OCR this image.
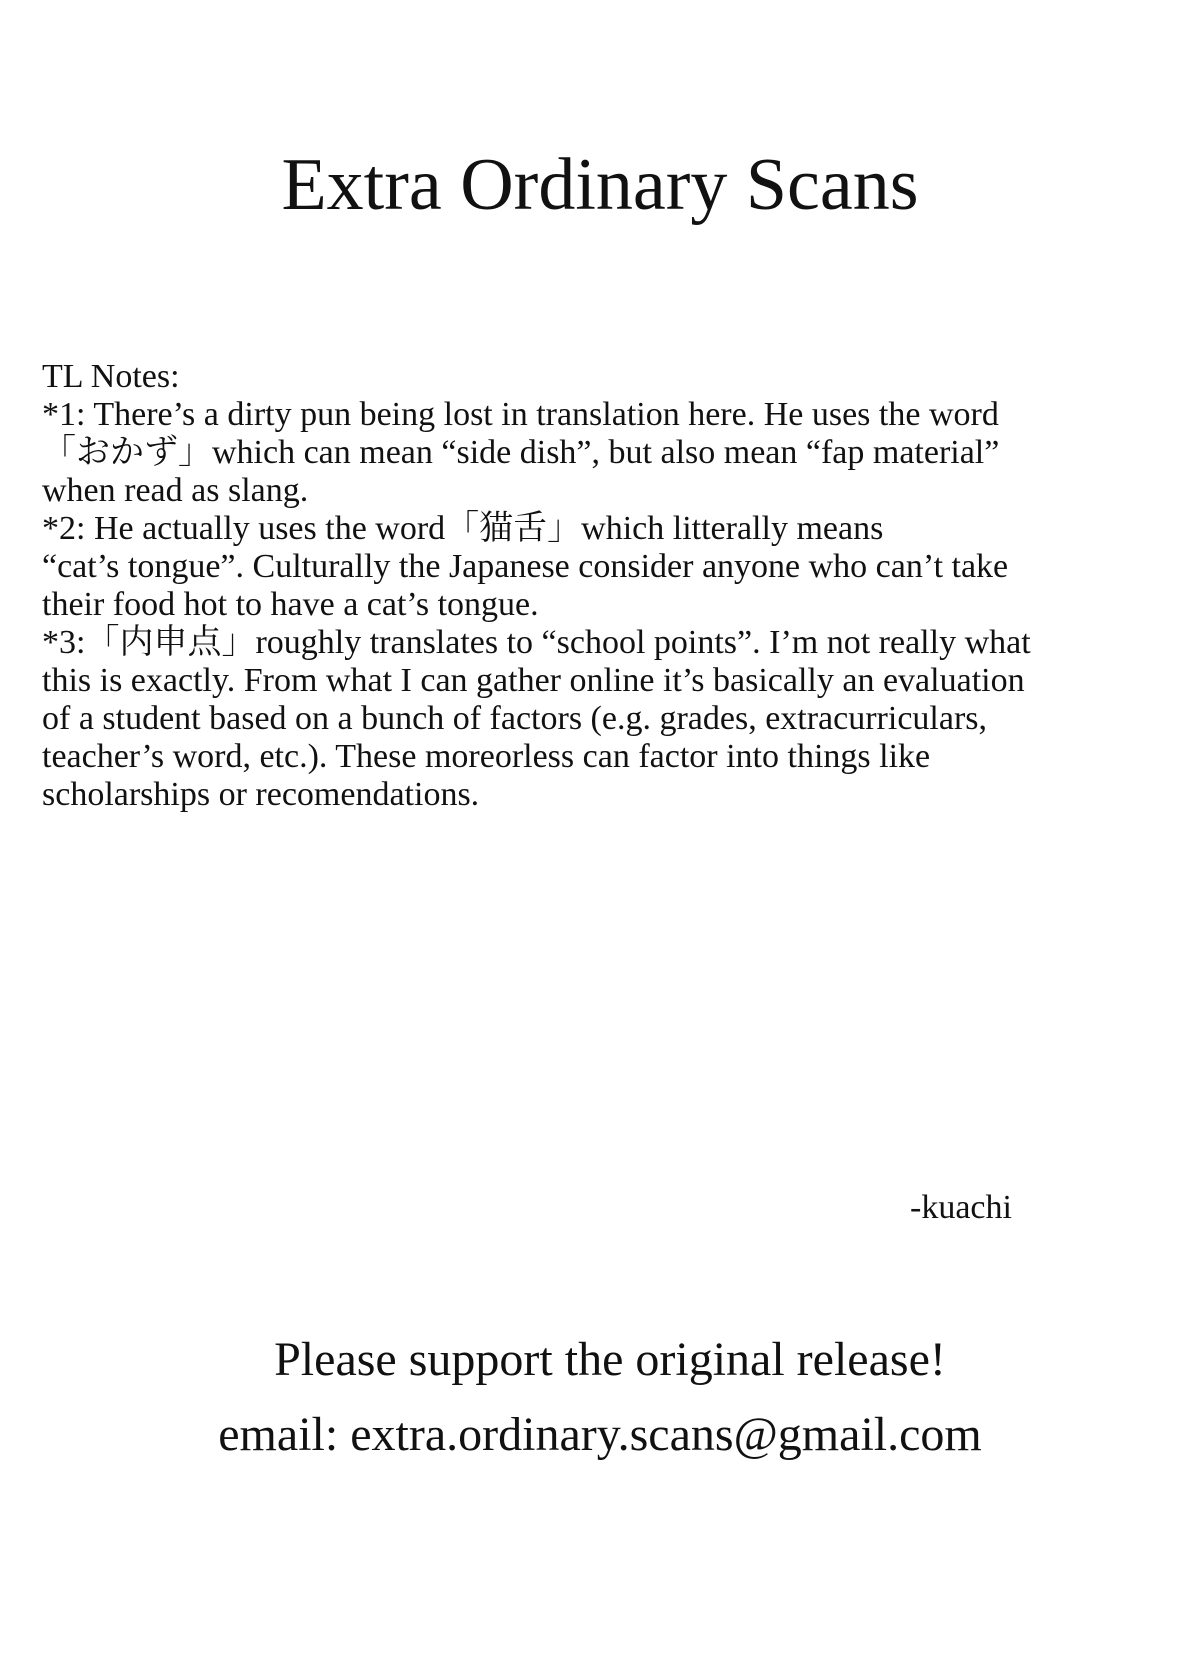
Extra Ordinary Scans
TL Notes:
*1: There’s a dirty pun being lost in translation here. He uses the word
「おかず」which can mean “side dish”, but also mean “fap material”
when read as slang.
*2: He actually uses the word「猫舌」which litterally means
“cat’s tongue”. Culturally the Japanese consider anyone who can’t take
their food hot to have a cat’s tongue.
*3:「内申点」roughly translates to “school points”. I’m not really what
this is exactly. From what I can gather online it’s basically an evaluation
of a student based on a bunch of factors (e.g. grades, extracurriculars,
teacher’s word, etc.). These moreorless can factor into things like
scholarships or recomendations.
-kuachi
Please support the original release!
email: extra.ordinary.scans@gmail.com
